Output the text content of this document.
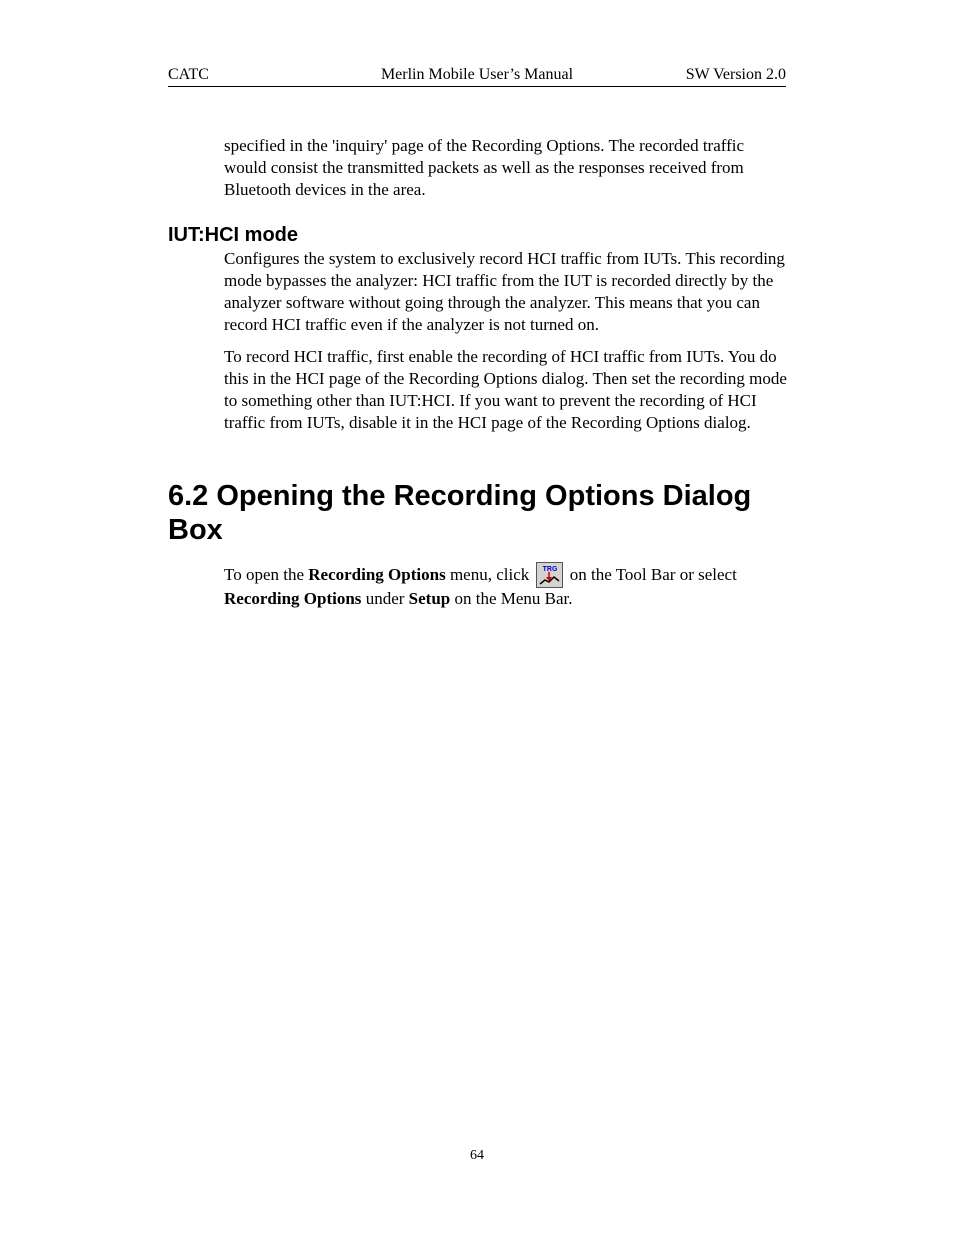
CATC	Merlin Mobile User’s Manual	SW Version 2.0

specified in the 'inquiry' page of the Recording Options. The recorded traffic would consist the transmitted packets as well as the responses received from Bluetooth devices in the area.

IUT:HCI mode

Configures the system to exclusively record HCI traffic from IUTs. This recording mode bypasses the analyzer: HCI traffic from the IUT is recorded directly by the analyzer software without going through the analyzer. This means that you can record HCI traffic even if the analyzer is not turned on.

To record HCI traffic, first enable the recording of HCI traffic from IUTs. You do this in the HCI page of the Recording Options dialog. Then set the recording mode to something other than IUT:HCI. If you want to prevent the recording of HCI traffic from IUTs, disable it in the HCI page of the Recording Options dialog.

6.2 Opening the Recording Options Dialog Box

To open the Recording Options menu, click TRG on the Tool Bar or select Recording Options under Setup on the Menu Bar.

64
